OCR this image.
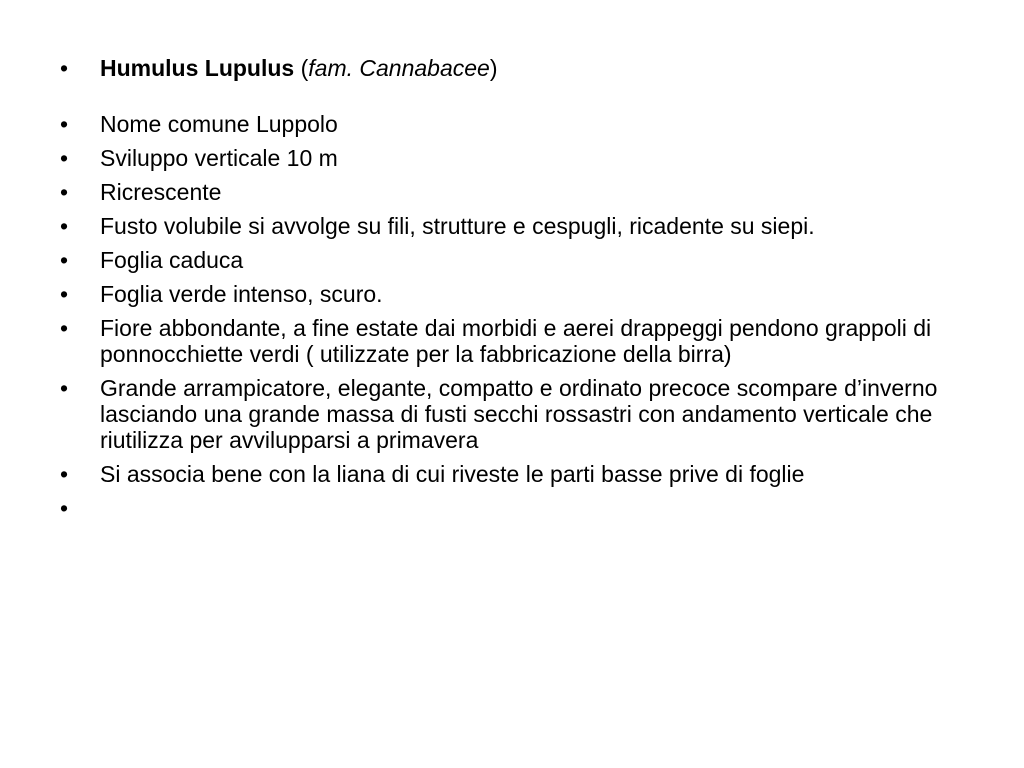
•	Humulus Lupulus (fam. Cannabacee)
•	Nome comune Luppolo
•	Sviluppo verticale 10 m
•	Ricrescente
•	Fusto volubile si avvolge su fili, strutture e cespugli, ricadente su siepi.
•	Foglia caduca
•	Foglia verde intenso, scuro.
•	Fiore abbondante, a fine estate dai morbidi e aerei drappeggi pendono grappoli di ponnocchiette verdi ( utilizzate per la fabbricazione della birra)
•	Grande arrampicatore, elegante, compatto e ordinato precoce scompare d’inverno lasciando una grande massa di fusti secchi rossastri con andamento verticale che riutilizza per avvilupparsi a primavera
•	Si associa bene con la liana di cui riveste le parti basse prive di foglie
•
